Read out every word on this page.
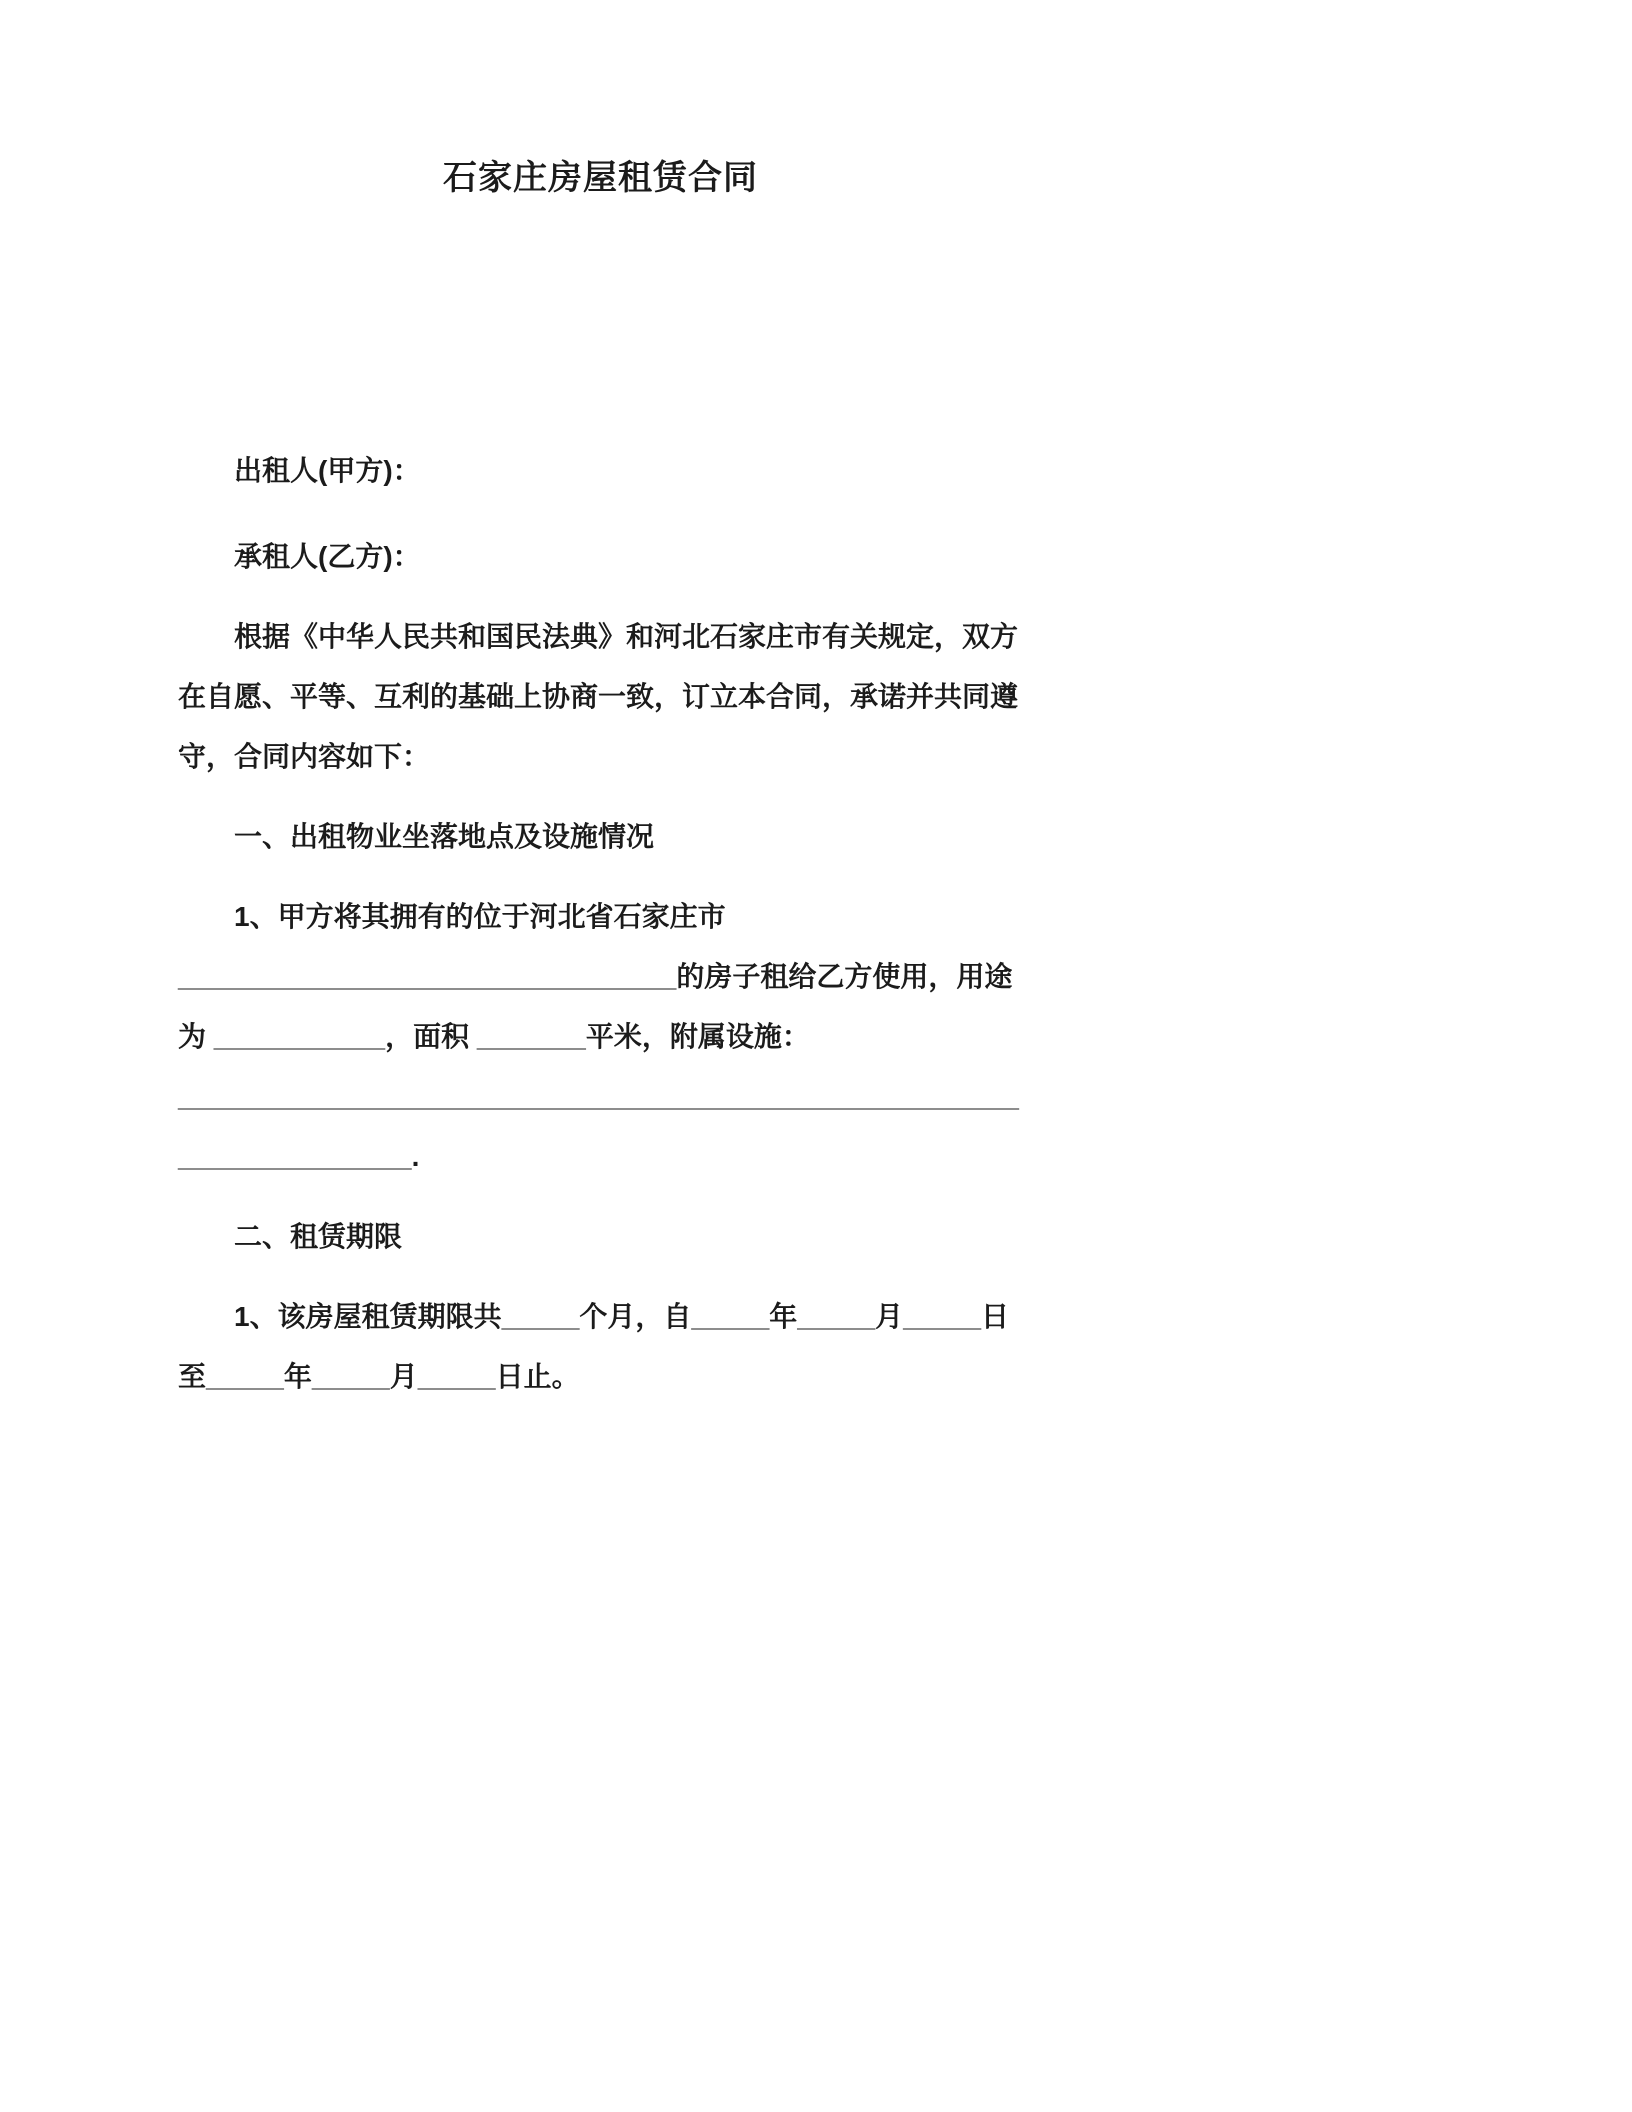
石家庄房屋租赁合同
出租人(甲方)：
承租人(乙方)：
根据《中华人民共和国民法典》和河北石家庄市有关规定，双方
在自愿、平等、互利的基础上协商一致，订立本合同，承诺并共同遵
守，合同内容如下：
一、出租物业坐落地点及设施情况
1、甲方将其拥有的位于河北省石家庄市
________________________________的房子租给乙方使用，用途
为 ___________，面积 _______平米，附属设施：
______________________________________________________
_______________.
二、租赁期限
1、该房屋租赁期限共_____个月，自_____年_____月_____日
至_____年_____月_____日止。
